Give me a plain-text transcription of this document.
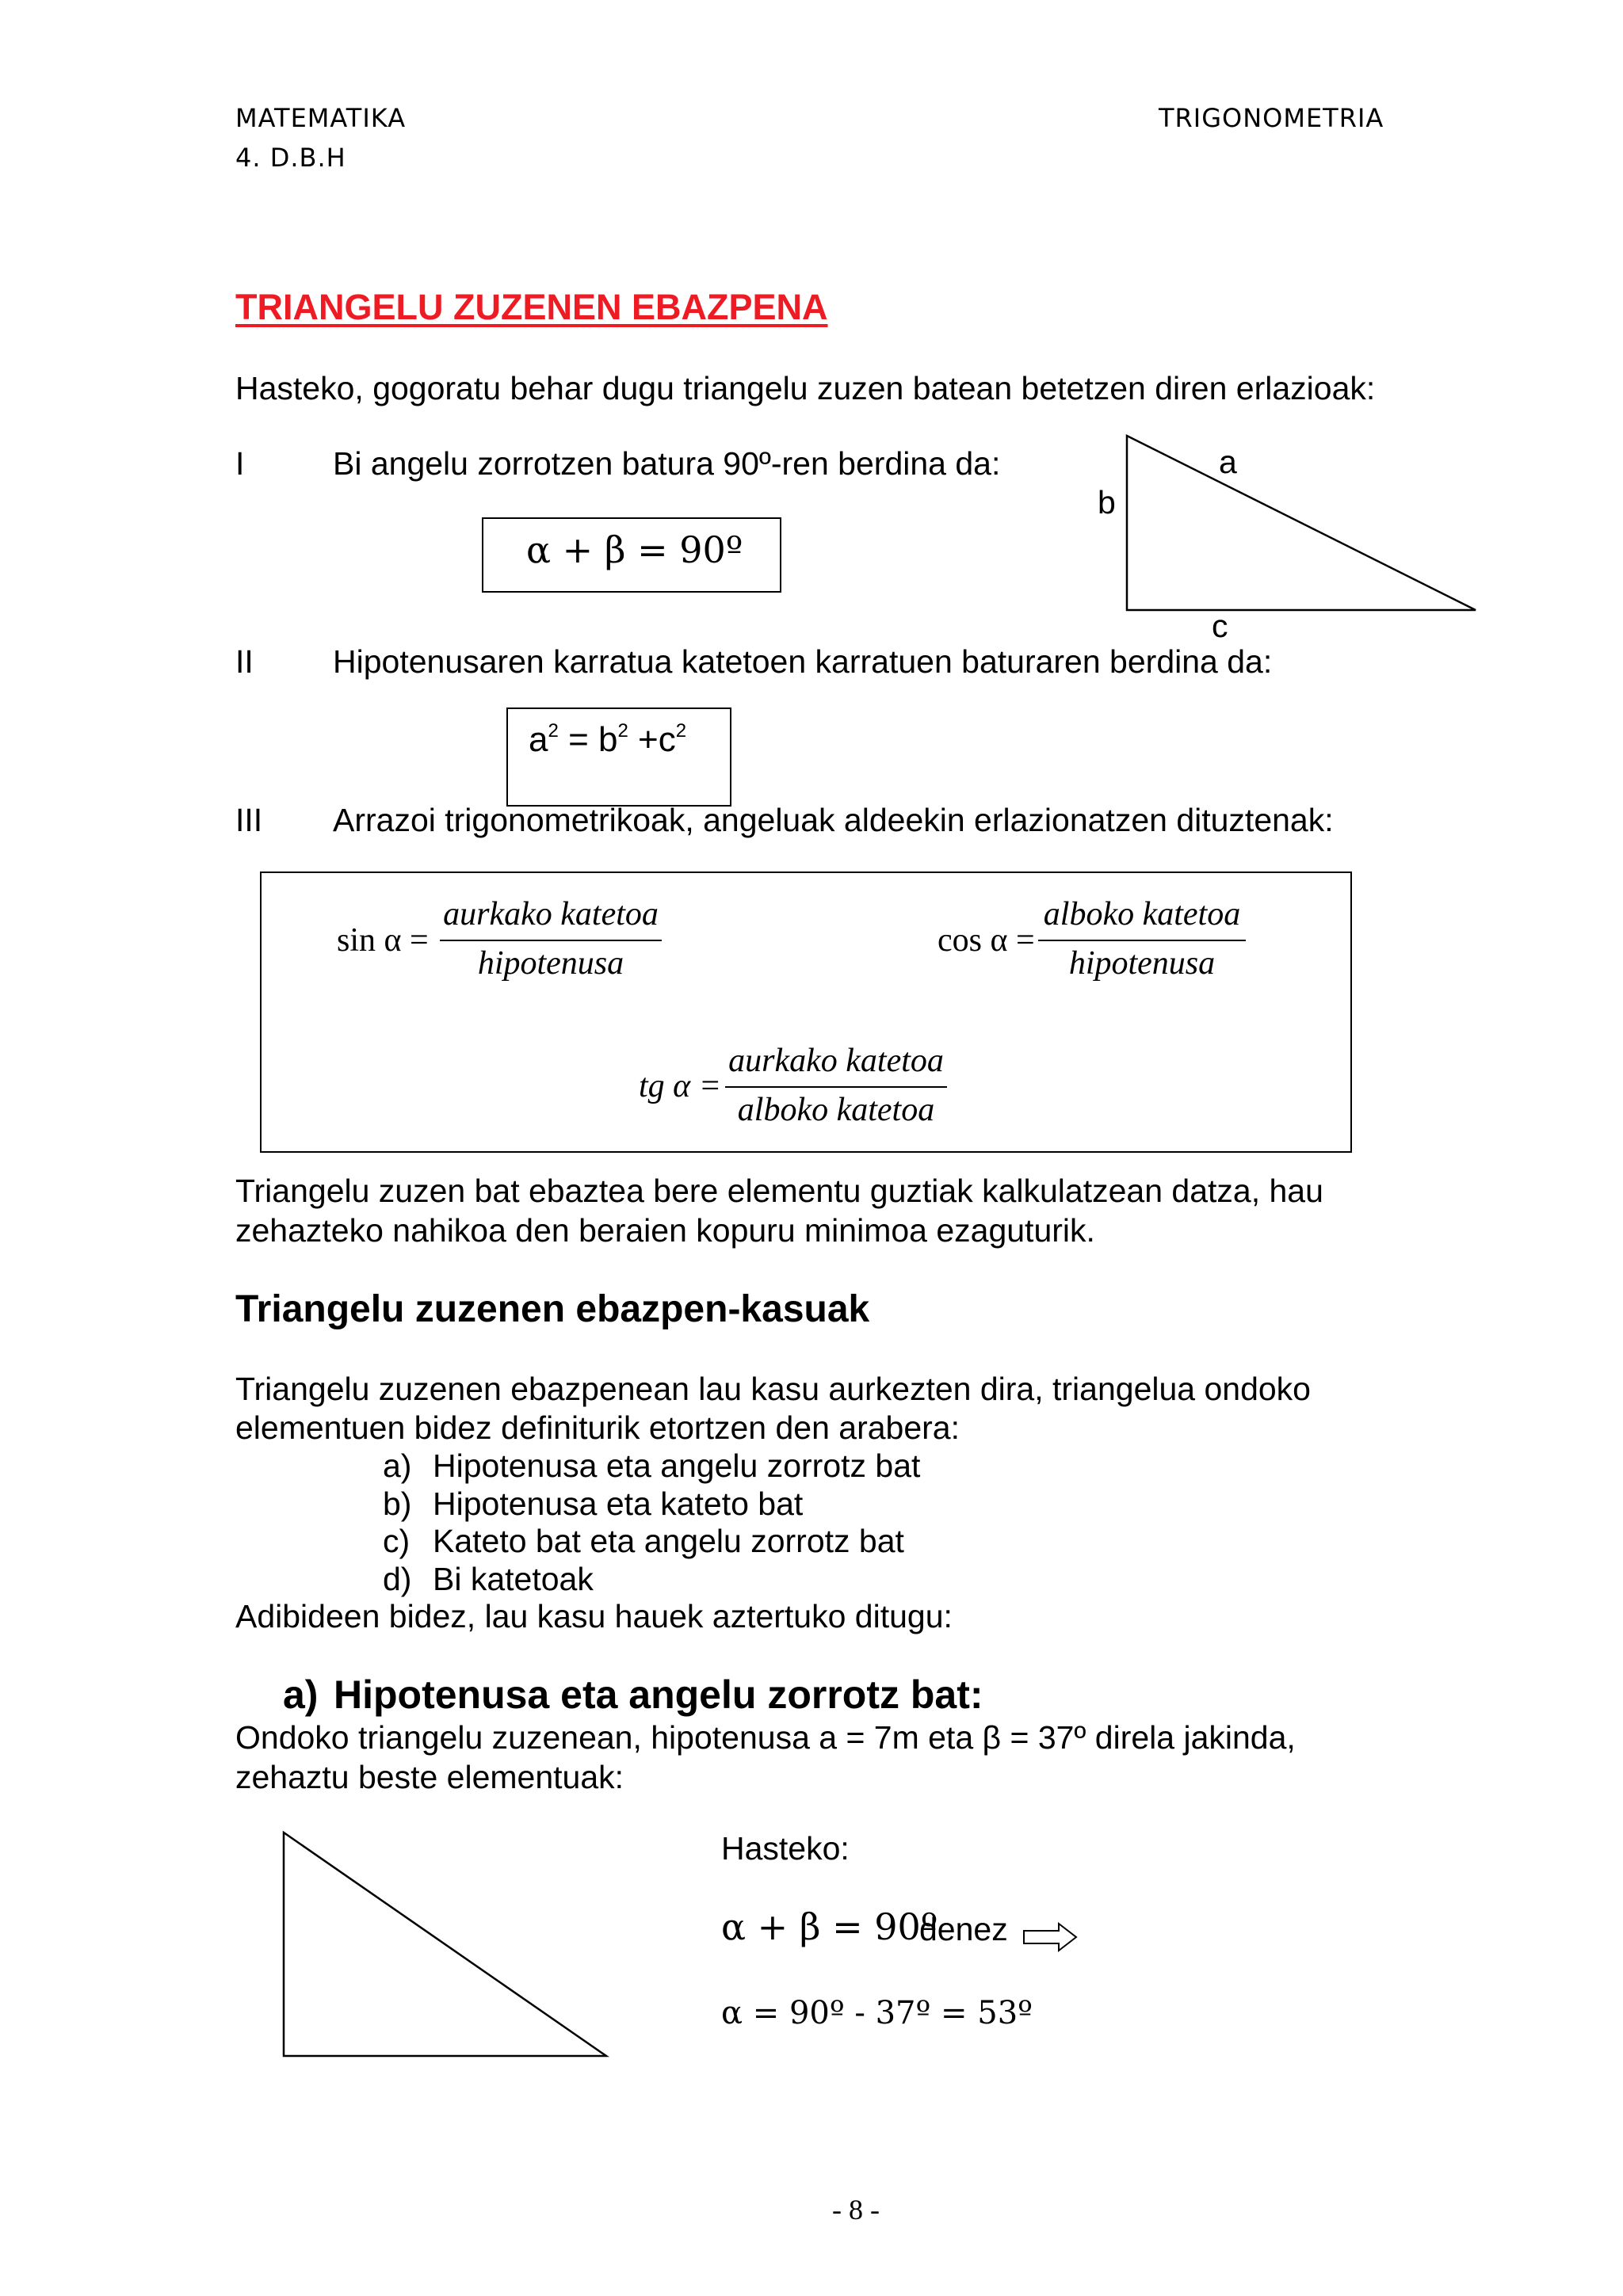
MATEMATIKA
4. D.B.H
TRIGONOMETRIA
TRIANGELU ZUZENEN EBAZPENA
Hasteko, gogoratu behar dugu triangelu zuzen batean betetzen diren erlazioak:
I	Bi angelu zorrotzen batura 90º-ren berdina da:
α + β = 90º
a
b
c
II Hipotenusaren karratua katetoen karratuen baturaren berdina da:
$a^2 = b^2 +c^2$
III Arrazoi trigonometrikoak, angeluak aldeekin erlazionatzen dituztenak:
sin α =
aurkako katetoa
hipotenusa
cos α =
alboko katetoa
hipotenusa
tg α =
aurkako katetoa
alboko katetoa
Triangelu zuzen bat ebaztea bere elementu guztiak kalkulatzean datza, hau
zehazteko nahikoa den beraien kopuru minimoa ezaguturik.
Triangelu zuzenen ebazpen-kasuak
Triangelu zuzenen ebazpenean lau kasu aurkezten dira, triangelua ondoko
elementuen bidez definiturik etortzen den arabera:
a) Hipotenusa eta angelu zorrotz bat
b) Hipotenusa eta kateto bat
c) Kateto bat eta angelu zorrotz bat
d) Bi katetoak
Adibideen bidez, lau kasu hauek aztertuko ditugu:
a) Hipotenusa eta angelu zorrotz bat:
Ondoko triangelu zuzenean, hipotenusa a = 7m eta β = 37º direla jakinda,
zehaztu beste elementuak:
Hasteko:
α + β = 90º
denez
α = 90º - 37º = 53º
- 8 -
